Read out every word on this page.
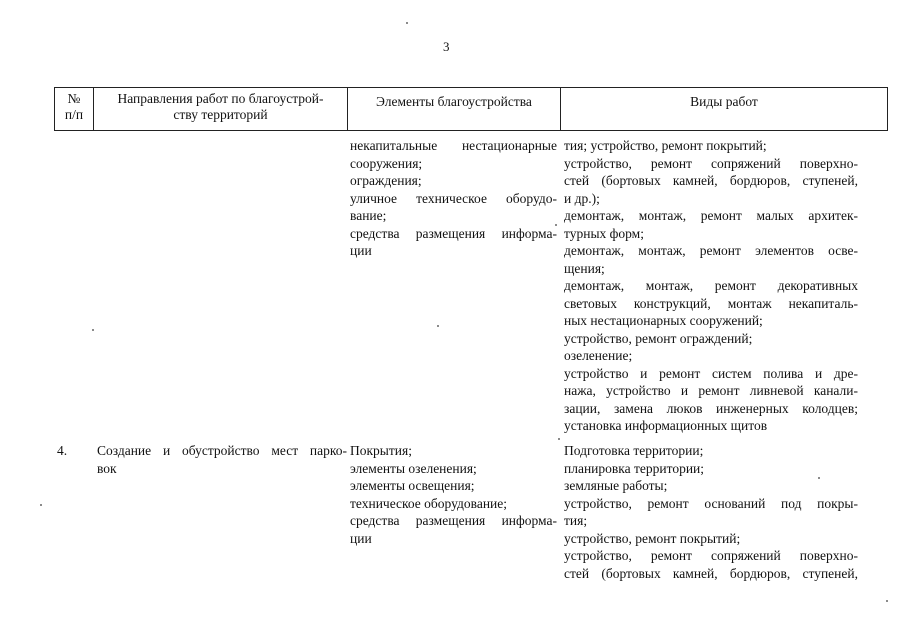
3
№
п/п
Направления работ по благоустрой-
ству территорий
Элементы благоустройства	Виды работ
некапитальные нестационарные
сооружения;
ограждения;
уличное техническое оборудо-
вание;
средства размещения информа-
ции
тия; устройство, ремонт покрытий;
устройство, ремонт сопряжений поверхно-
стей (бортовых камней, бордюров, ступеней,
и др.);
демонтаж, монтаж, ремонт малых архитек-
турных форм;
демонтаж, монтаж, ремонт элементов осве-
щения;
демонтаж, монтаж, ремонт декоративных
световых конструкций, монтаж некапиталь-
ных нестационарных сооружений;
устройство, ремонт ограждений;
озеленение;
устройство и ремонт систем полива и дре-
нажа, устройство и ремонт ливневой канали-
зации, замена люков инженерных колодцев;
установка информационных щитов
4.	Создание и обустройство мест парко-
вок
Покрытия;
элементы озеленения;
элементы освещения;
техническое оборудование;
средства размещения информа-
ции
Подготовка территории;
планировка территории;
земляные работы;
устройство, ремонт оснований под покры-
тия;
устройство, ремонт покрытий;
устройство, ремонт сопряжений поверхно-
стей (бортовых камней, бордюров, ступеней,
